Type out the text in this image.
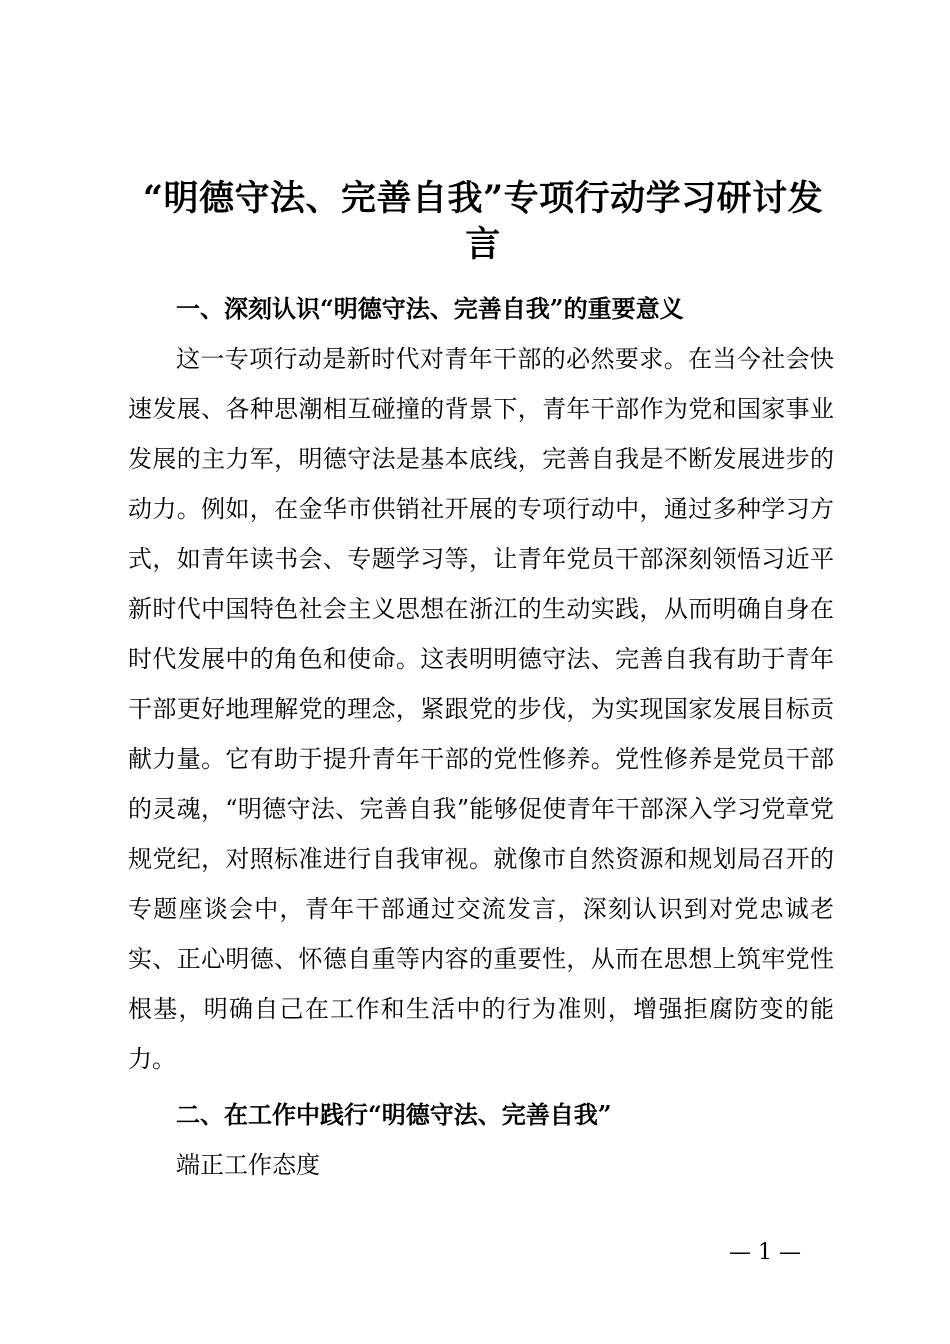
“明德守法、完善自我”专项行动学习研讨发言

一、深刻认识“明德守法、完善自我”的重要意义

这一专项行动是新时代对青年干部的必然要求。在当今社会快速发展、各种思潮相互碰撞的背景下，青年干部作为党和国家事业发展的主力军，明德守法是基本底线，完善自我是不断发展进步的动力。例如，在金华市供销社开展的专项行动中，通过多种学习方式，如青年读书会、专题学习等，让青年党员干部深刻领悟习近平新时代中国特色社会主义思想在浙江的生动实践，从而明确自身在时代发展中的角色和使命。这表明明德守法、完善自我有助于青年干部更好地理解党的理念，紧跟党的步伐，为实现国家发展目标贡献力量。它有助于提升青年干部的党性修养。党性修养是党员干部的灵魂，“明德守法、完善自我”能够促使青年干部深入学习党章党规党纪，对照标准进行自我审视。就像市自然资源和规划局召开的专题座谈会中，青年干部通过交流发言，深刻认识到对党忠诚老实、正心明德、怀德自重等内容的重要性，从而在思想上筑牢党性根基，明确自己在工作和生活中的行为准则，增强拒腐防变的能力。

二、在工作中践行“明德守法、完善自我”

端正工作态度

— 1 —
